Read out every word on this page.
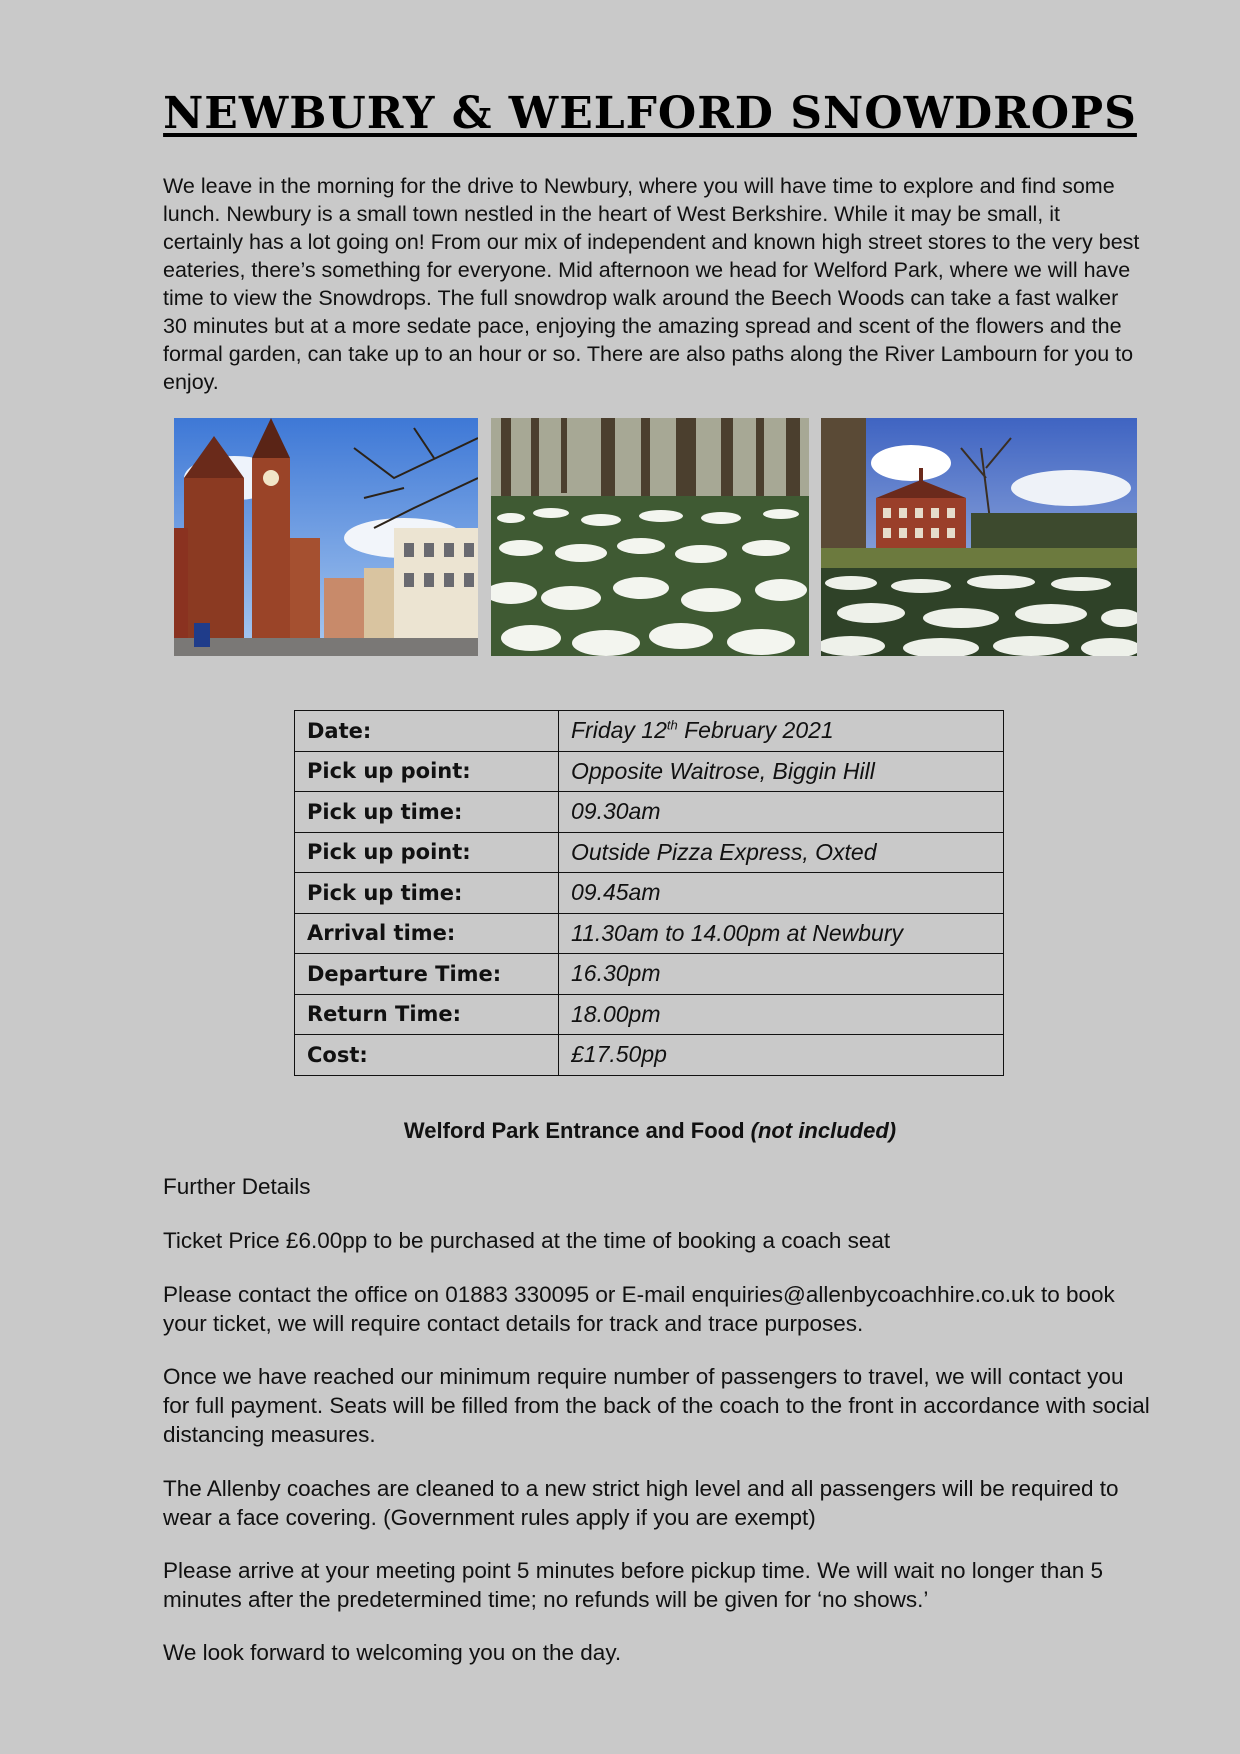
NEWBURY & WELFORD SNOWDROPS

We leave in the morning for the drive to Newbury, where you will have time to explore and find some lunch. Newbury is a small town nestled in the heart of West Berkshire. While it may be small, it certainly has a lot going on! From our mix of independent and known high street stores to the very best eateries, there’s something for everyone. Mid afternoon we head for Welford Park, where we will have time to view the Snowdrops. The full snowdrop walk around the Beech Woods can take a fast walker 30 minutes but at a more sedate pace, enjoying the amazing spread and scent of the flowers and the formal garden, can take up to an hour or so. There are also paths along the River Lambourn for you to enjoy.

Date:	Friday 12th February 2021
Pick up point:	Opposite Waitrose, Biggin Hill
Pick up time:	09.30am
Pick up point:	Outside Pizza Express, Oxted
Pick up time:	09.45am
Arrival time:	11.30am to 14.00pm at Newbury
Departure Time:	16.30pm
Return Time:	18.00pm
Cost:	£17.50pp

Welford Park Entrance and Food (not included)

Further Details

Ticket Price £6.00pp to be purchased at the time of booking a coach seat

Please contact the office on 01883 330095 or E-mail enquiries@allenbycoachhire.co.uk to book your ticket, we will require contact details for track and trace purposes.

Once we have reached our minimum require number of passengers to travel, we will contact you for full payment. Seats will be filled from the back of the coach to the front in accordance with social distancing measures.

The Allenby coaches are cleaned to a new strict high level and all passengers will be required to wear a face covering. (Government rules apply if you are exempt)

Please arrive at your meeting point 5 minutes before pickup time. We will wait no longer than 5 minutes after the predetermined time; no refunds will be given for ‘no shows.’

We look forward to welcoming you on the day.
